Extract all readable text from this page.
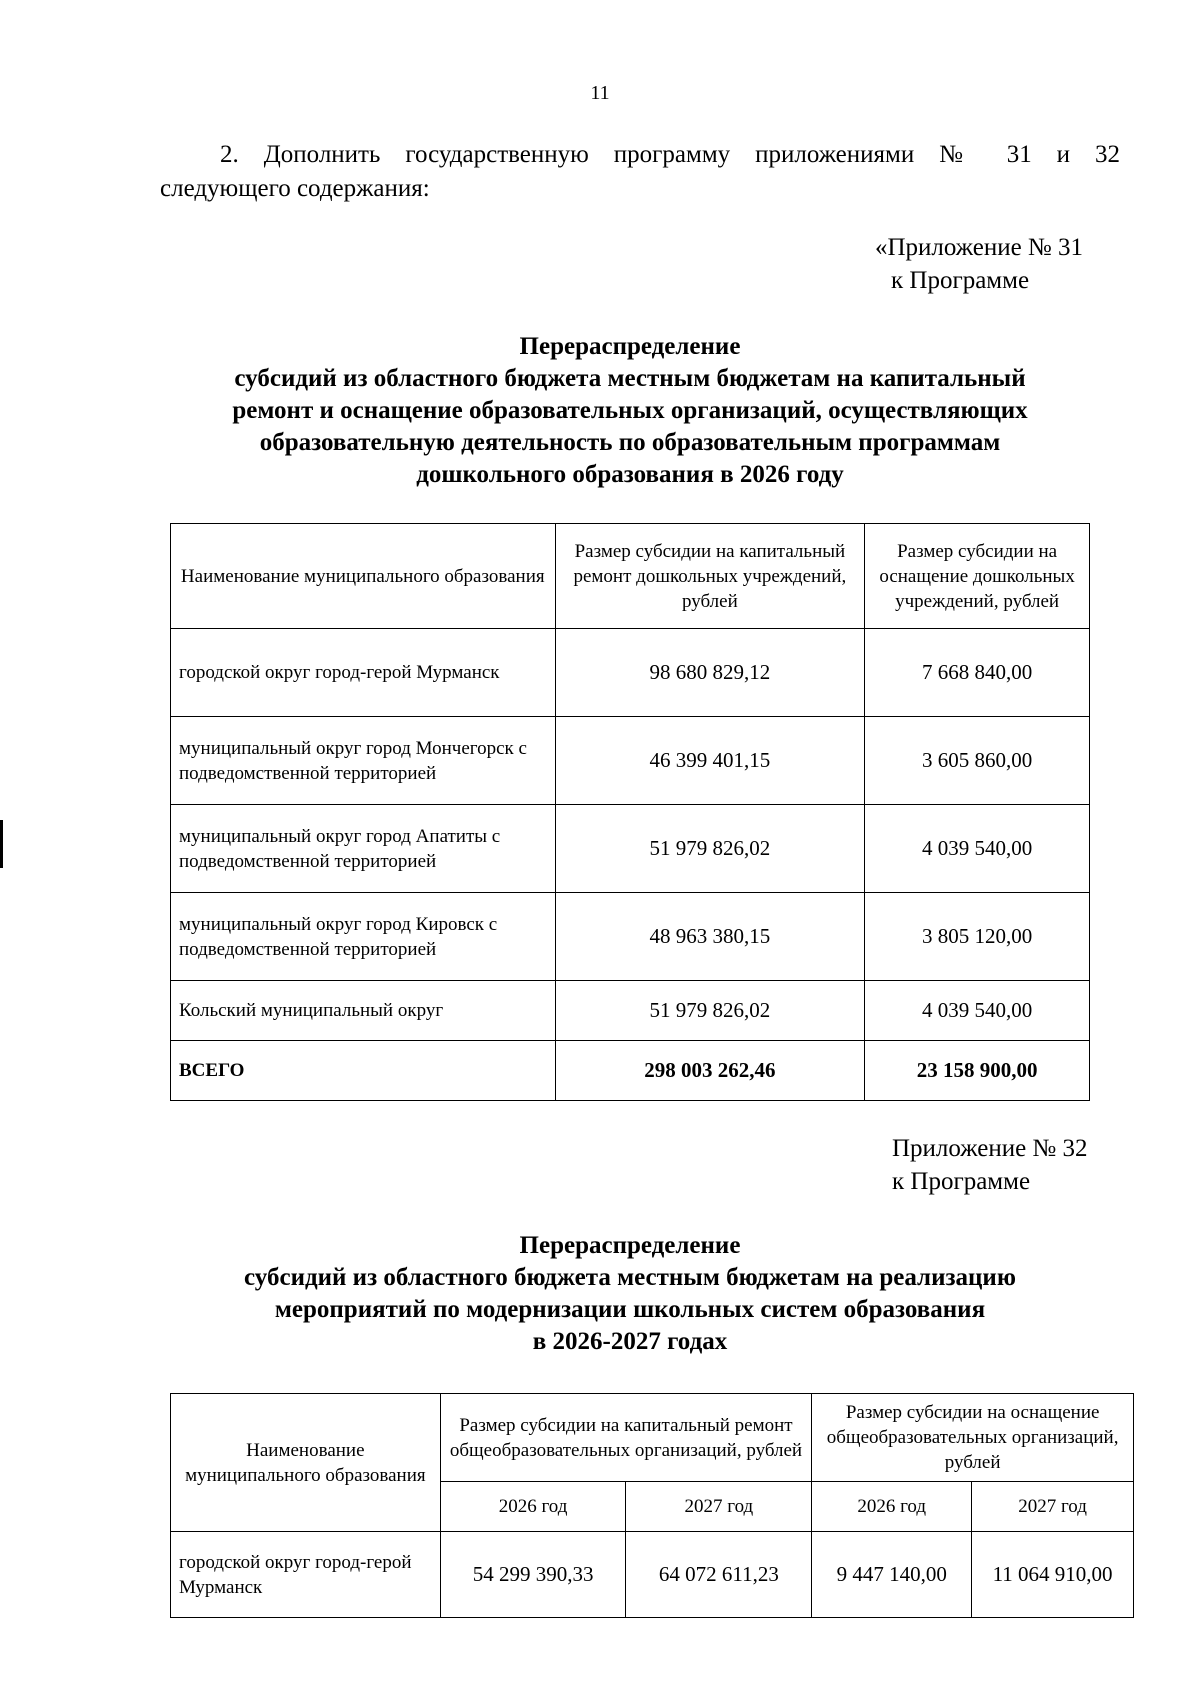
11

2. Дополнить государственную программу приложениями № 31 и 32

следующего содержания:

«Приложение № 31
к Программе
Перераспределение
субсидий из областного бюджета местным бюджетам на капитальный
ремонт и оснащение образовательных организаций, осуществляющих
образовательную деятельность по образовательным программам
дошкольного образования в 2026 году
Наименование муниципального образования	Размер субсидии на капитальный ремонт дошкольных учреждений, рублей	Размер субсидии на оснащение дошкольных учреждений, рублей
городской округ город-герой Мурманск	98 680 829,12	7 668 840,00
муниципальный округ город Мончегорск с подведомственной территорией	46 399 401,15	3 605 860,00
муниципальный округ город Апатиты с подведомственной территорией	51 979 826,02	4 039 540,00
муниципальный округ город Кировск с подведомственной территорией	48 963 380,15	3 805 120,00
Кольский муниципальный округ	51 979 826,02	4 039 540,00
ВСЕГО	298 003 262,46	23 158 900,00
Приложение № 32
к Программе
Перераспределение
субсидий из областного бюджета местным бюджетам на реализацию
мероприятий по модернизации школьных систем образования
в 2026-2027 годах
Наименование муниципального образования	Размер субсидии на капитальный ремонт общеобразовательных организаций, рублей		Размер субсидии на оснащение общеобразовательных организаций, рублей	
	2026 год	2027 год	2026 год	2027 год
городской округ город-герой Мурманск	54 299 390,33	64 072 611,23	9 447 140,00	11 064 910,00
